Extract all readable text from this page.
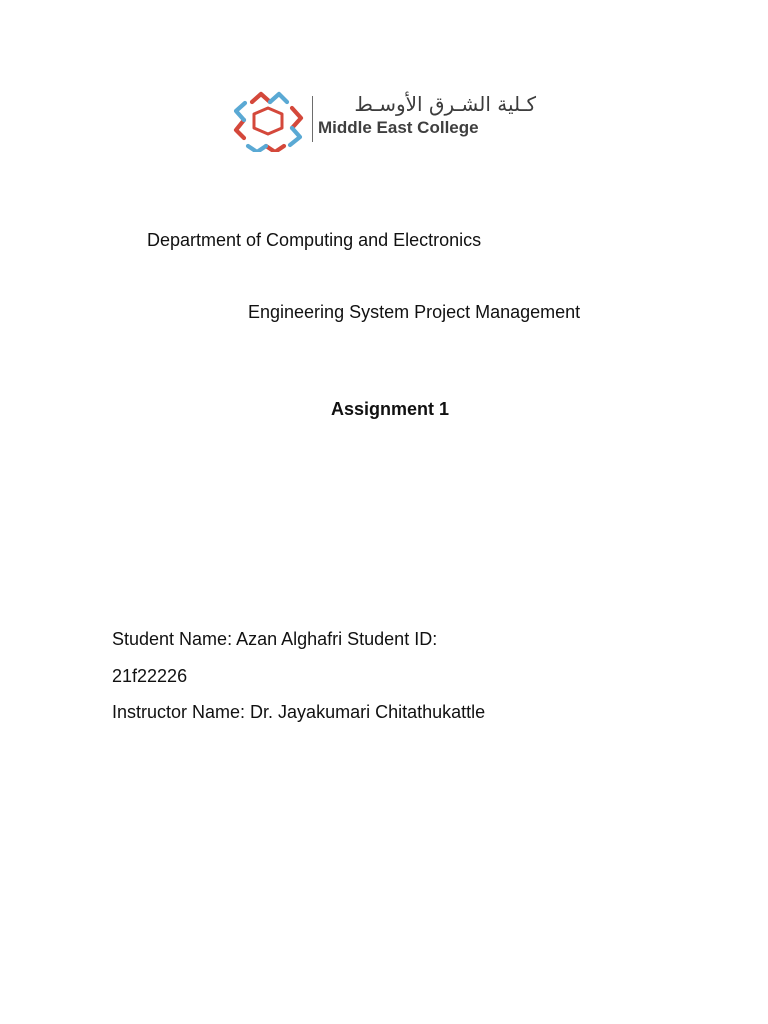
كـلية الشـرق الأوسـط
Middle East College
Department of Computing and Electronics
Engineering System Project Management
Assignment 1
Student Name: Azan Alghafri Student ID:
21f22226
Instructor Name: Dr. Jayakumari Chitathukattle
